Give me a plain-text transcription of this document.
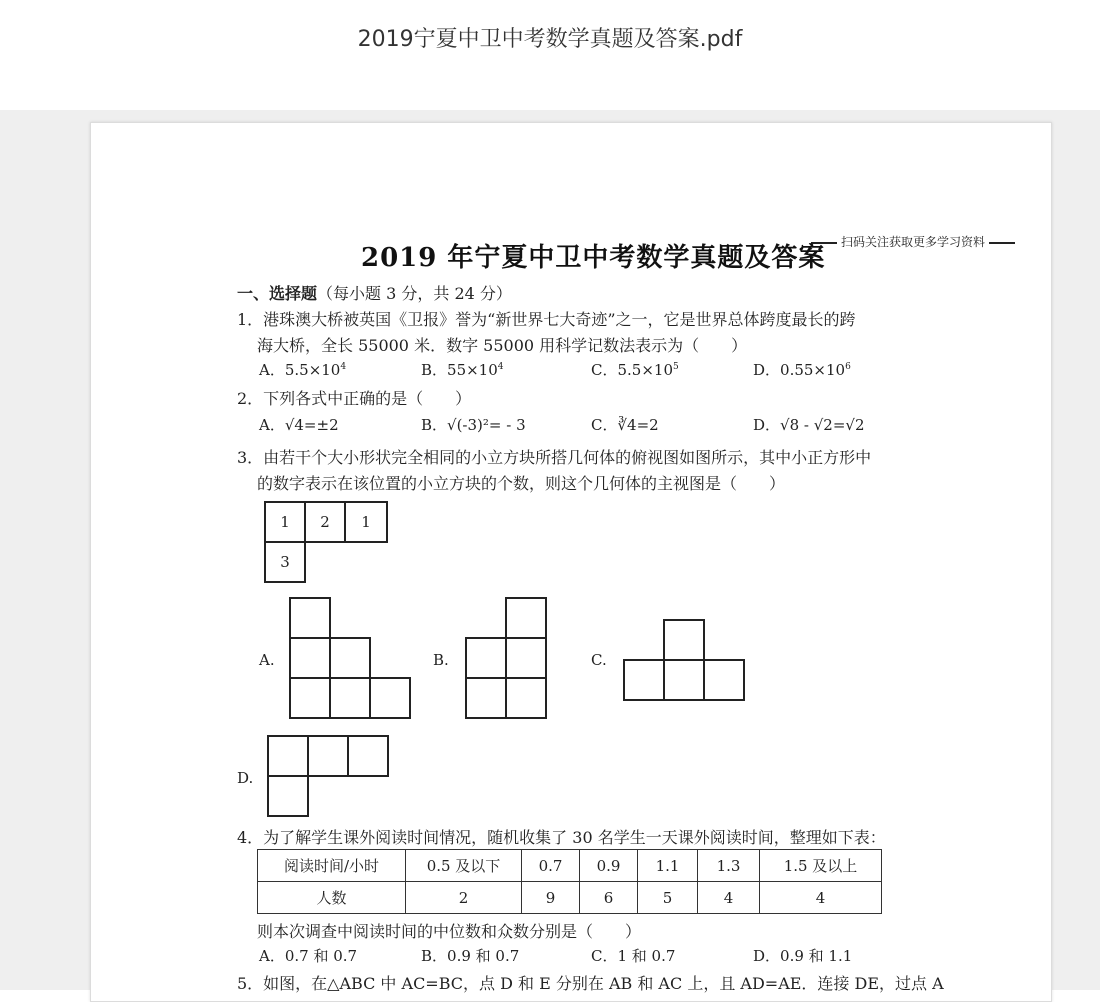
2019宁夏中卫中考数学真题及答案.pdf
扫码关注获取更多学习资料
2019 年宁夏中卫中考数学真题及答案
一、选择题（每小题 3 分，共 24 分）
1．港珠澳大桥被英国《卫报》誉为“新世界七大奇迹”之一，它是世界总体跨度最长的跨
海大桥，全长 55000 米．数字 55000 用科学记数法表示为（　　）
A．$5.5\times 10^4$	B．$55\times 10^4$	C．$5.5\times 10^5$	D．$0.55\times 10^6$
2．下列各式中正确的是（　　）
A．√4=±2	B．√(-3)²= - 3	C．∛4=2	D．√8 - √2=√2
3．由若干个大小形状完全相同的小立方块所搭几何体的俯视图如图所示，其中小正方形中
的数字表示在该位置的小立方块的个数，则这个几何体的主视图是（　　）
1	2	1
3
A.	B.	C.
D.
4．为了解学生课外阅读时间情况，随机收集了 30 名学生一天课外阅读时间，整理如下表：
阅读时间/小时	0.5 及以下	0.7	0.9	1.1	1.3	1.5 及以上
人数	2	9	6	5	4	4
则本次调查中阅读时间的中位数和众数分别是（　　）
A．0.7 和 0.7	B．0.9 和 0.7	C．1 和 0.7	D．0.9 和 1.1
5．如图，在△ABC 中 AC=BC，点 D 和 E 分别在 AB 和 AC 上，且 AD=AE．连接 DE，过点 A
